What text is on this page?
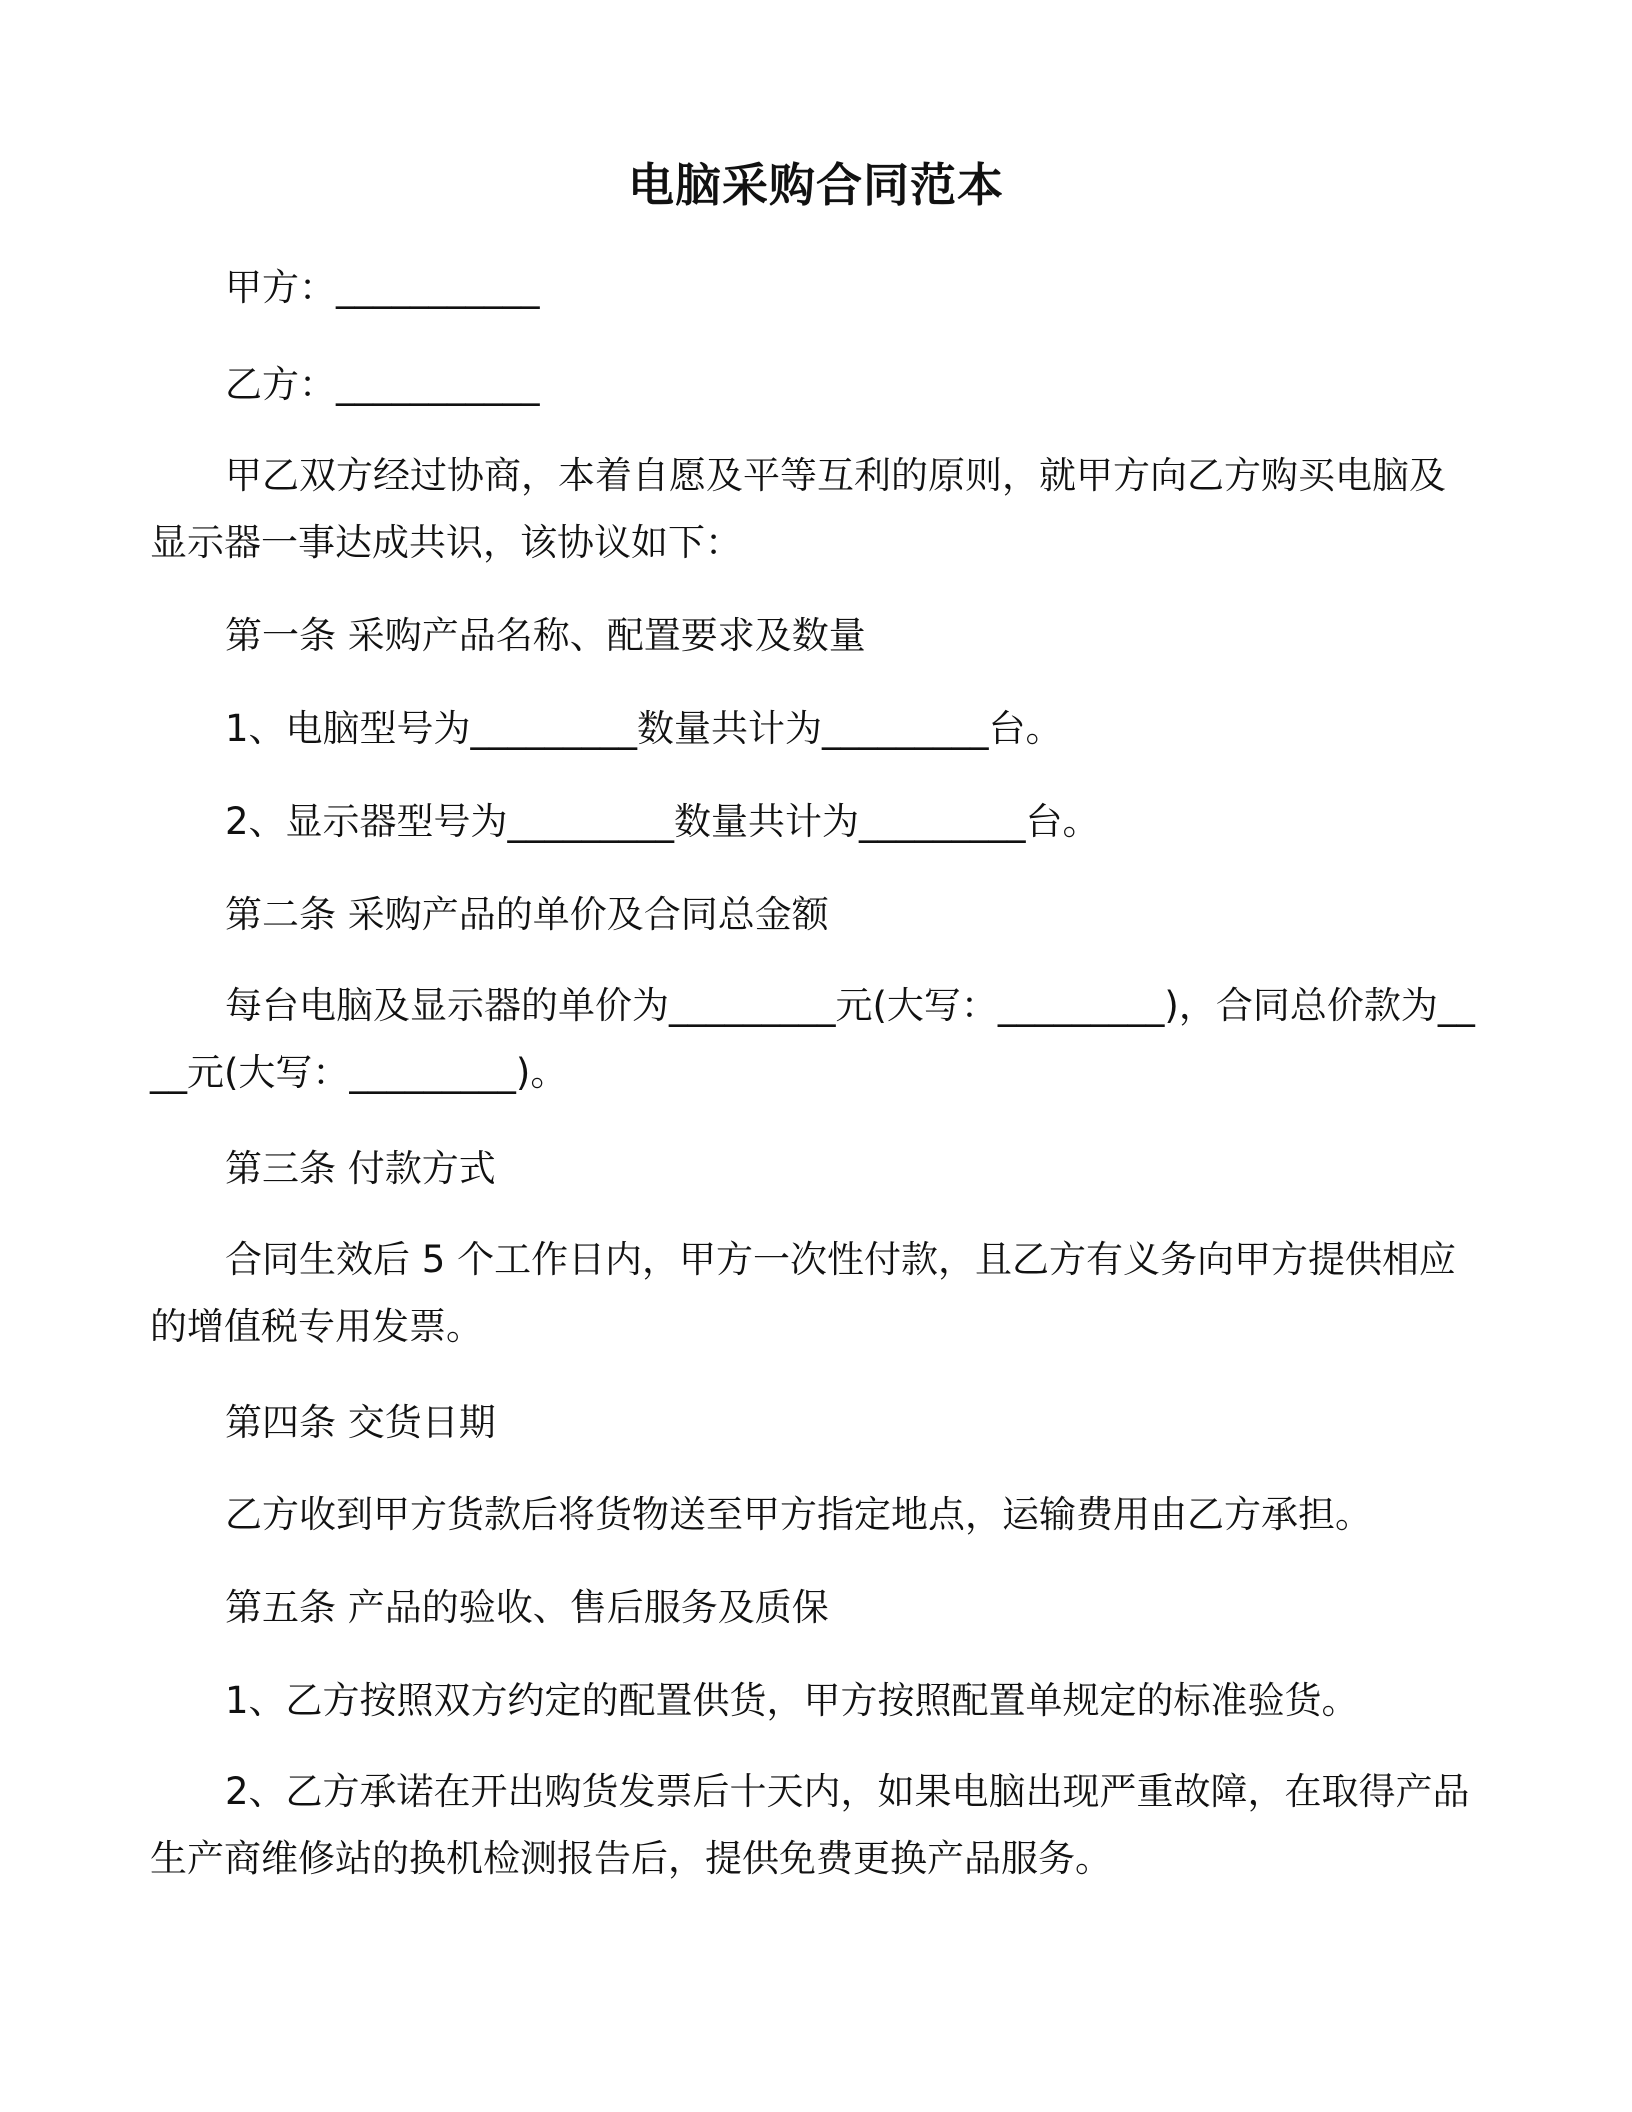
电脑采购合同范本
甲方：___________
乙方：___________
甲乙双方经过协商，本着自愿及平等互利的原则，就甲方向乙方购买电脑及显示器一事达成共识，该协议如下：
第一条 采购产品名称、配置要求及数量
1、电脑型号为_________数量共计为_________台。
2、显示器型号为_________数量共计为_________台。
第二条 采购产品的单价及合同总金额
每台电脑及显示器的单价为_________元(大写：_________)，合同总价款为____元(大写：_________)。
第三条 付款方式
合同生效后 5 个工作日内，甲方一次性付款，且乙方有义务向甲方提供相应的增值税专用发票。
第四条 交货日期
乙方收到甲方货款后将货物送至甲方指定地点，运输费用由乙方承担。
第五条 产品的验收、售后服务及质保
1、乙方按照双方约定的配置供货，甲方按照配置单规定的标准验货。
2、乙方承诺在开出购货发票后十天内，如果电脑出现严重故障，在取得产品生产商维修站的换机检测报告后，提供免费更换产品服务。
